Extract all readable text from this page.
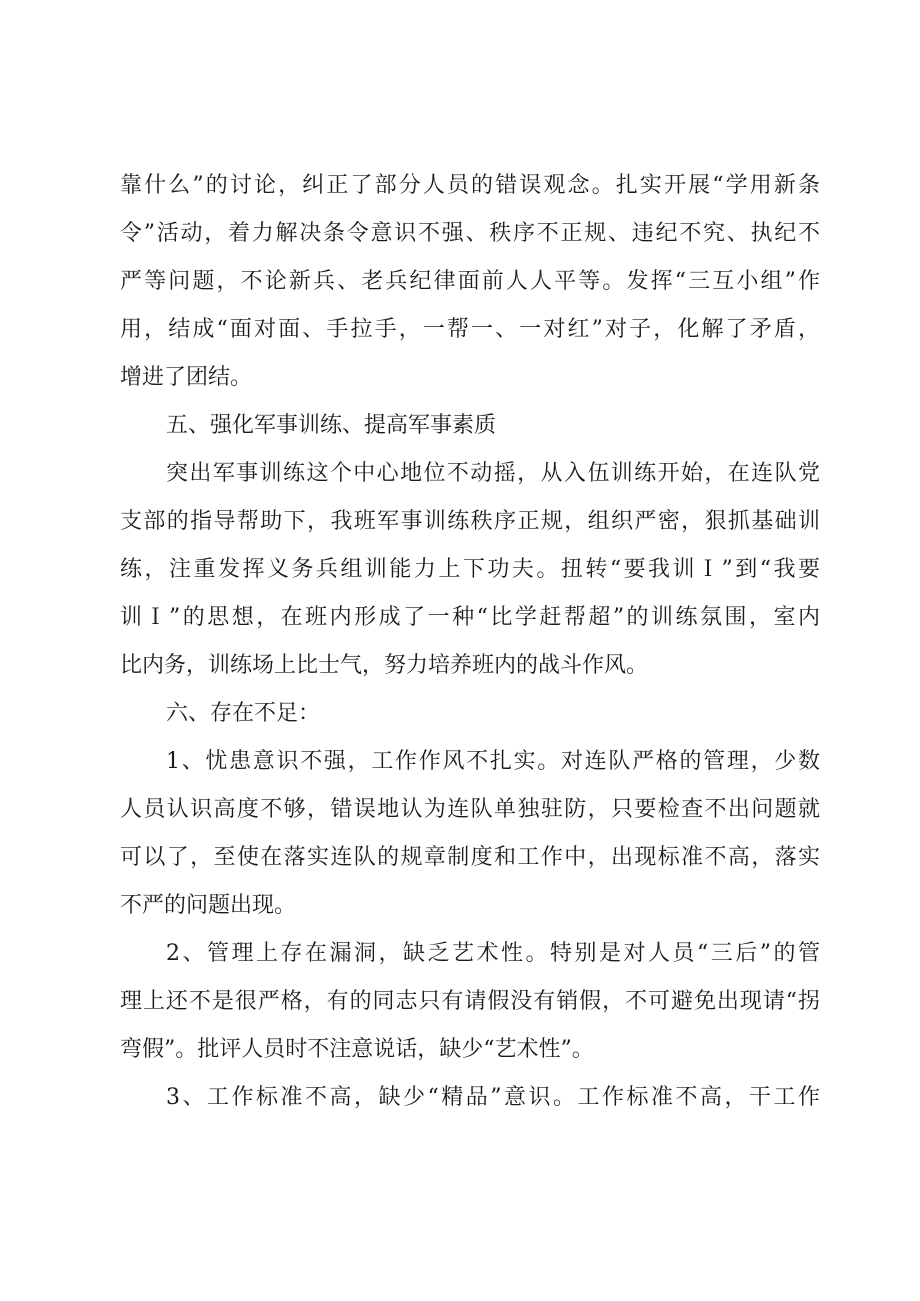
靠什么”的讨论，纠正了部分人员的错误观念。扎实开展“学用新条
令”活动，着力解决条令意识不强、秩序不正规、违纪不究、执纪不
严等问题，不论新兵、老兵纪律面前人人平等。发挥“三互小组”作
用，结成“面对面、手拉手，一帮一、一对红”对子，化解了矛盾，
增进了团结。
五、强化军事训练、提高军事素质
突出军事训练这个中心地位不动摇，从入伍训练开始，在连队党
支部的指导帮助下，我班军事训练秩序正规，组织严密，狠抓基础训
练，注重发挥义务兵组训能力上下功夫。扭转“要我训Ｉ”到“我要
训Ｉ”的思想，在班内形成了一种“比学赶帮超”的训练氛围，室内
比内务，训练场上比士气，努力培养班内的战斗作风。
六、存在不足：
1、忧患意识不强，工作作风不扎实。对连队严格的管理，少数
人员认识高度不够，错误地认为连队单独驻防，只要检查不出问题就
可以了，至使在落实连队的规章制度和工作中，出现标准不高，落实
不严的问题出现。
2、管理上存在漏洞，缺乏艺术性。特别是对人员“三后”的管
理上还不是很严格，有的同志只有请假没有销假，不可避免出现请“拐
弯假”。批评人员时不注意说话，缺少“艺术性”。
3、工作标准不高，缺少“精品”意识。工作标准不高，干工作
